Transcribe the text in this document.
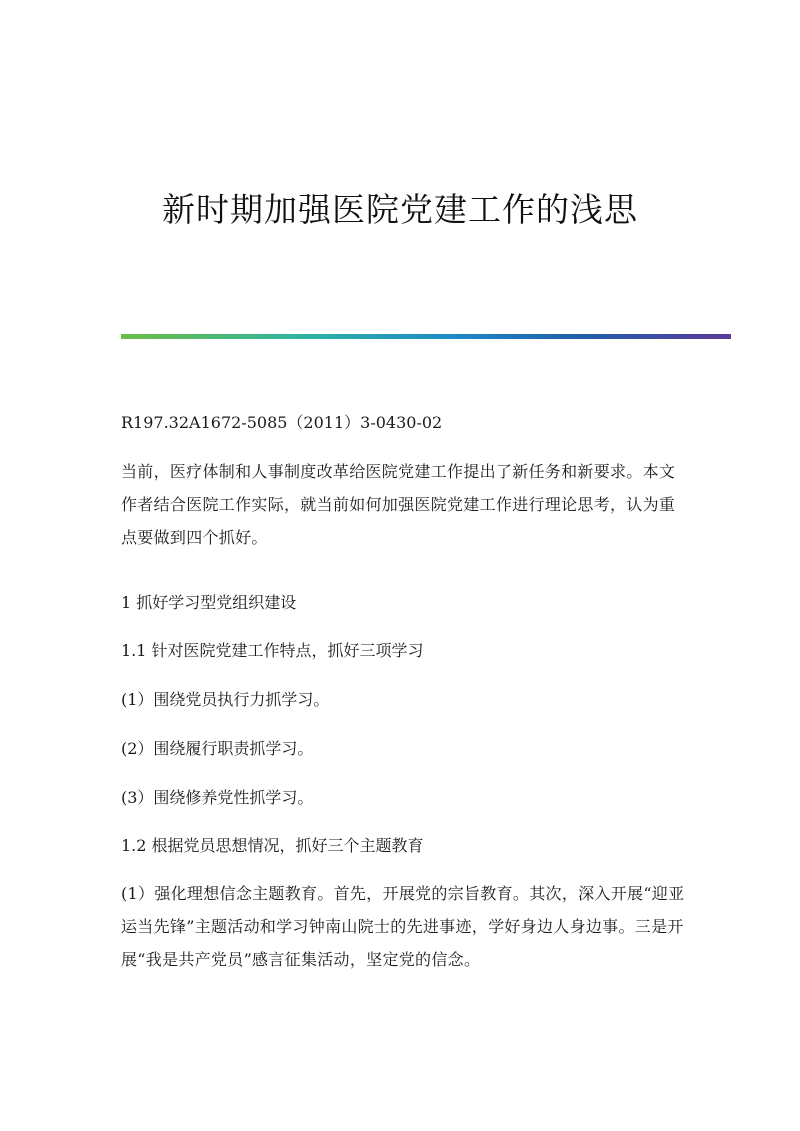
新时期加强医院党建工作的浅思

R197.32A1672-5085（2011）3-0430-02

当前，医疗体制和人事制度改革给医院党建工作提出了新任务和新要求。本文作者结合医院工作实际，就当前如何加强医院党建工作进行理论思考，认为重点要做到四个抓好。

1 抓好学习型党组织建设

1.1 针对医院党建工作特点，抓好三项学习

(1）围绕党员执行力抓学习。

(2）围绕履行职责抓学习。

(3）围绕修养党性抓学习。

1.2 根据党员思想情况，抓好三个主题教育

(1）强化理想信念主题教育。首先，开展党的宗旨教育。其次，深入开展“迎亚运当先锋”主题活动和学习钟南山院士的先进事迹，学好身边人身边事。三是开展“我是共产党员”感言征集活动，坚定党的信念。
